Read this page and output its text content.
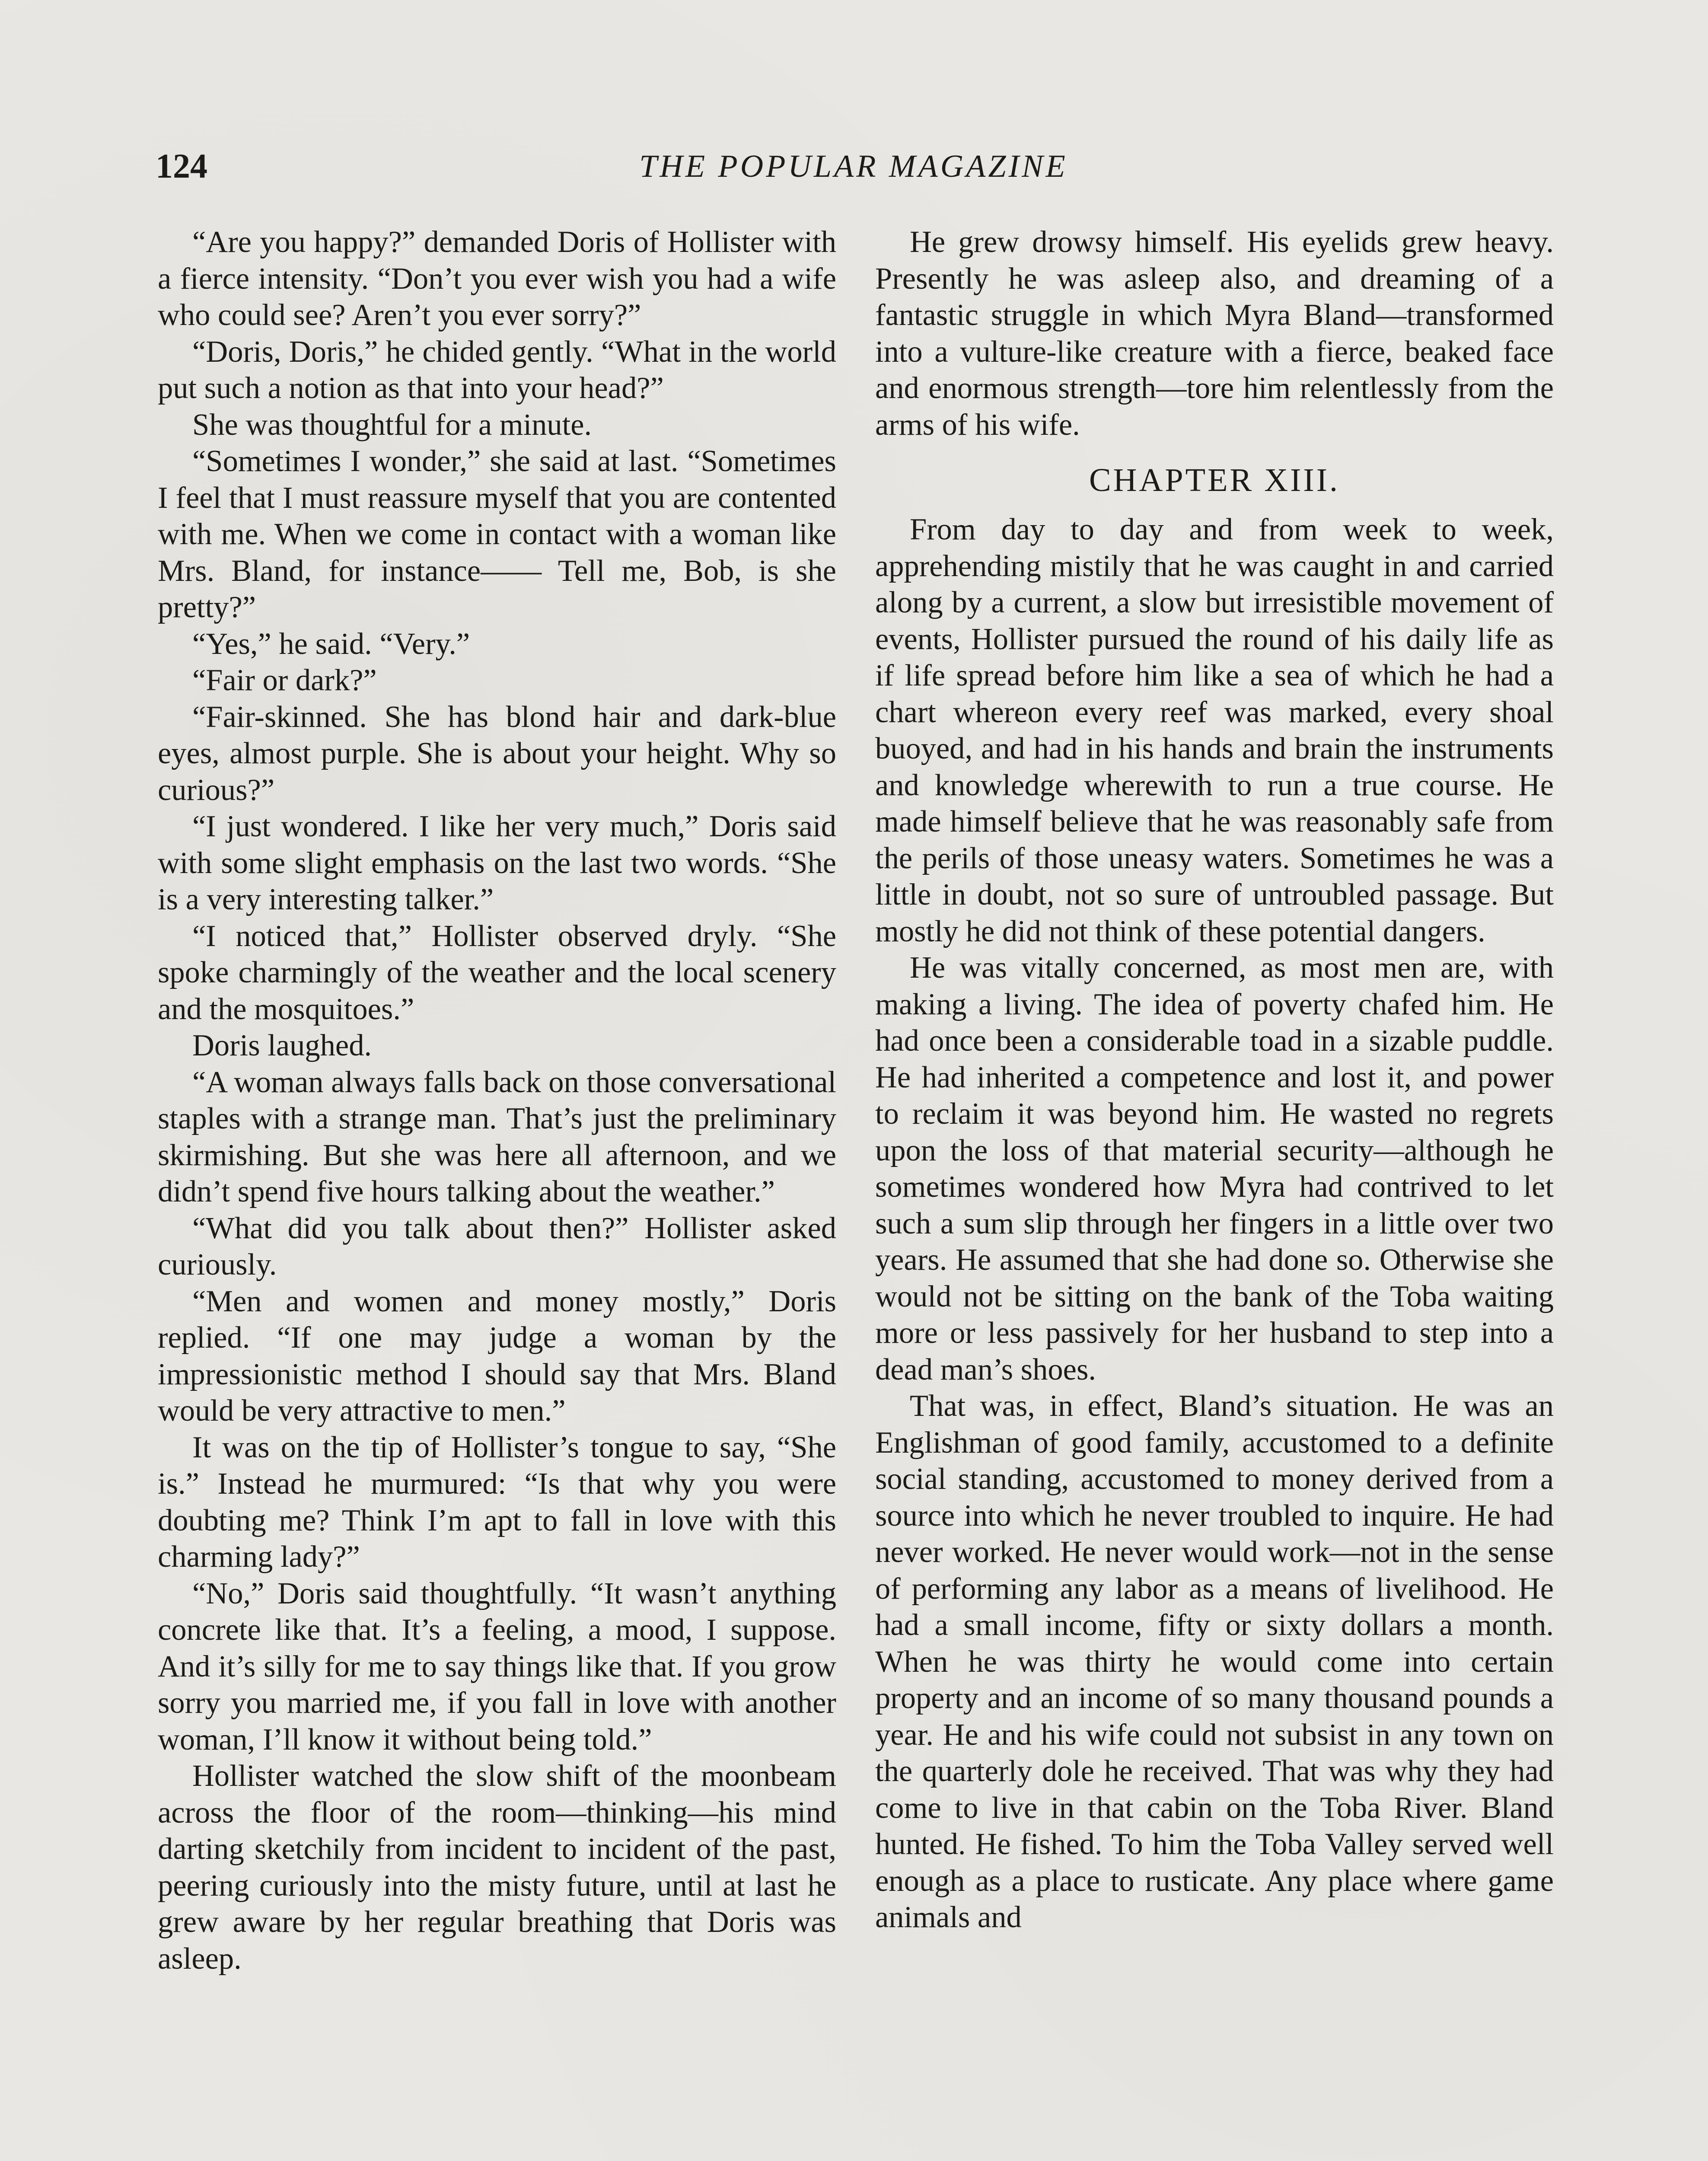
124	THE POPULAR MAGAZINE

“Are you happy?” demanded Doris of Hollister with a fierce intensity. “Don’t you ever wish you had a wife who could see? Aren’t you ever sorry?”

“Doris, Doris,” he chided gently. “What in the world put such a notion as that into your head?”

She was thoughtful for a minute.

“Sometimes I wonder,” she said at last. “Sometimes I feel that I must reassure myself that you are contented with me. When we come in contact with a woman like Mrs. Bland, for instance—— Tell me, Bob, is she pretty?”

“Yes,” he said. “Very.”

“Fair or dark?”

“Fair-skinned. She has blond hair and dark-blue eyes, almost purple. She is about your height. Why so curious?”

“I just wondered. I like her very much,” Doris said with some slight emphasis on the last two words. “She is a very interesting talker.”

“I noticed that,” Hollister observed dryly. “She spoke charmingly of the weather and the local scenery and the mosquitoes.”

Doris laughed.

“A woman always falls back on those conversational staples with a strange man. That’s just the preliminary skirmishing. But she was here all afternoon, and we didn’t spend five hours talking about the weather.”

“What did you talk about then?” Hollister asked curiously.

“Men and women and money mostly,” Doris replied. “If one may judge a woman by the impressionistic method I should say that Mrs. Bland would be very attractive to men.”

It was on the tip of Hollister’s tongue to say, “She is.” Instead he murmured: “Is that why you were doubting me? Think I’m apt to fall in love with this charming lady?”

“No,” Doris said thoughtfully. “It wasn’t anything concrete like that. It’s a feeling, a mood, I suppose. And it’s silly for me to say things like that. If you grow sorry you married me, if you fall in love with another woman, I’ll know it without being told.”

Hollister watched the slow shift of the moonbeam across the floor of the room—thinking—his mind darting sketchily from incident to incident of the past, peering curiously into the misty future, until at last he grew aware by her regular breathing that Doris was asleep.

He grew drowsy himself. His eyelids grew heavy. Presently he was asleep also, and dreaming of a fantastic struggle in which Myra Bland—transformed into a vulture-like creature with a fierce, beaked face and enormous strength—tore him relentlessly from the arms of his wife.

CHAPTER XIII.

From day to day and from week to week, apprehending mistily that he was caught in and carried along by a current, a slow but irresistible movement of events, Hollister pursued the round of his daily life as if life spread before him like a sea of which he had a chart whereon every reef was marked, every shoal buoyed, and had in his hands and brain the instruments and knowledge wherewith to run a true course. He made himself believe that he was reasonably safe from the perils of those uneasy waters. Sometimes he was a little in doubt, not so sure of untroubled passage. But mostly he did not think of these potential dangers.

He was vitally concerned, as most men are, with making a living. The idea of poverty chafed him. He had once been a considerable toad in a sizable puddle. He had inherited a competence and lost it, and power to reclaim it was beyond him. He wasted no regrets upon the loss of that material security—although he sometimes wondered how Myra had contrived to let such a sum slip through her fingers in a little over two years. He assumed that she had done so. Otherwise she would not be sitting on the bank of the Toba waiting more or less passively for her husband to step into a dead man’s shoes.

That was, in effect, Bland’s situation. He was an Englishman of good family, accustomed to a definite social standing, accustomed to money derived from a source into which he never troubled to inquire. He had never worked. He never would work—not in the sense of performing any labor as a means of livelihood. He had a small income, fifty or sixty dollars a month. When he was thirty he would come into certain property and an income of so many thousand pounds a year. He and his wife could not subsist in any town on the quarterly dole he received. That was why they had come to live in that cabin on the Toba River. Bland hunted. He fished. To him the Toba Valley served well enough as a place to rusticate. Any place where game animals and
